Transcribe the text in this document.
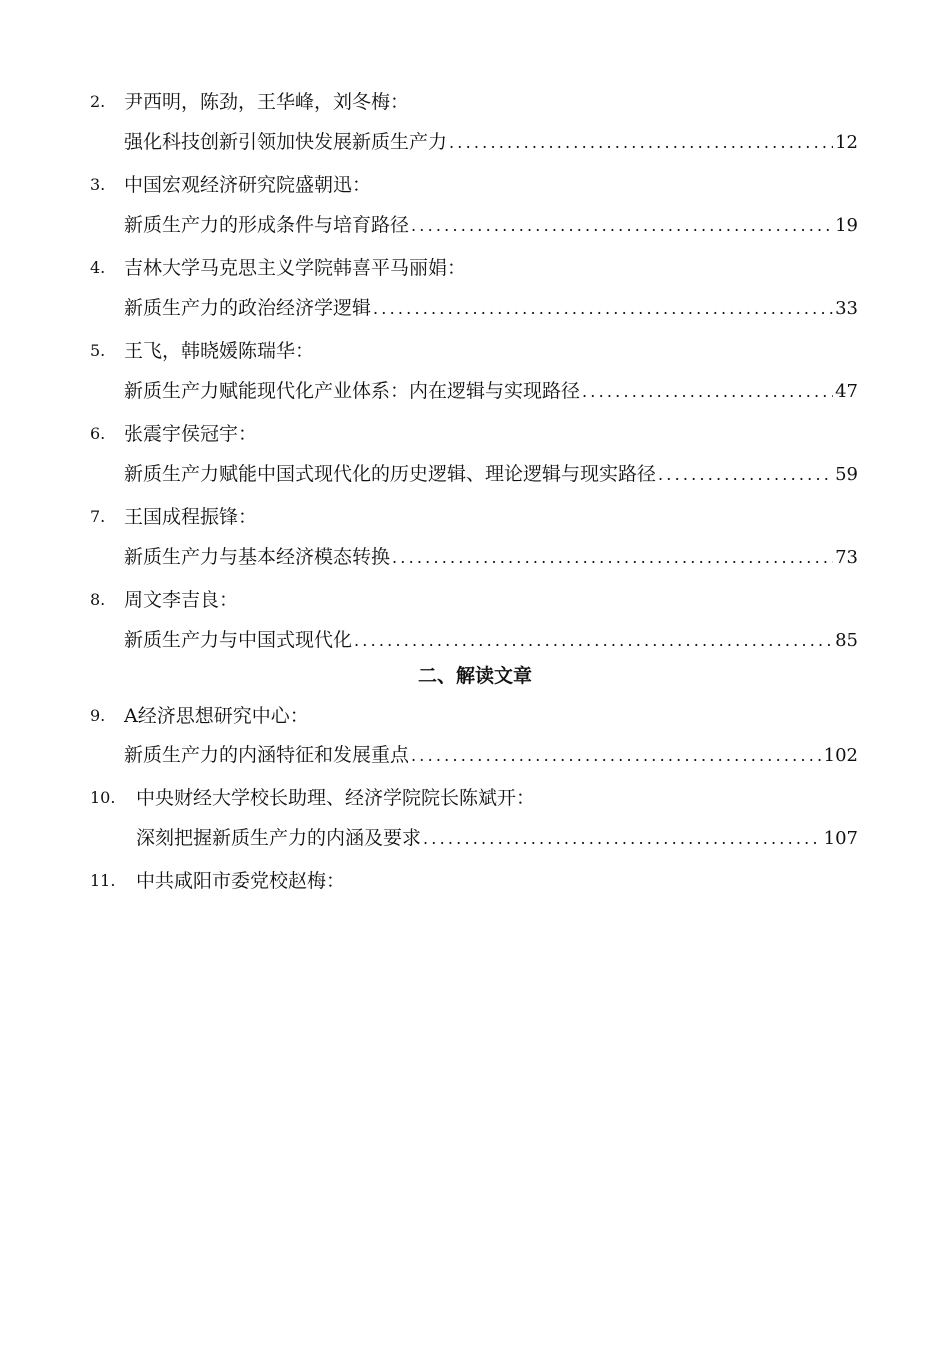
2. 尹西明，陈劲，王华峰，刘冬梅：
强化科技创新引领加快发展新质生产力 .....	12
3. 中国宏观经济研究院盛朝迅：
新质生产力的形成条件与培育路径 .....	19
4. 吉林大学马克思主义学院韩喜平马丽娟：
新质生产力的政治经济学逻辑 .....	33
5. 王飞，韩晓媛陈瑞华：
新质生产力赋能现代化产业体系：内在逻辑与实现路径 .....	47
6. 张震宇侯冠宇：
新质生产力赋能中国式现代化的历史逻辑、理论逻辑与现实路径 .....	59
7. 王国成程振锋：
新质生产力与基本经济模态转换 .....	73
8. 周文李吉良：
新质生产力与中国式现代化 .....	85
二、解读文章
9. A经济思想研究中心：
新质生产力的内涵特征和发展重点 .....	102
10. 中央财经大学校长助理、经济学院院长陈斌开：
深刻把握新质生产力的内涵及要求 .....	107
11. 中共咸阳市委党校赵梅：
